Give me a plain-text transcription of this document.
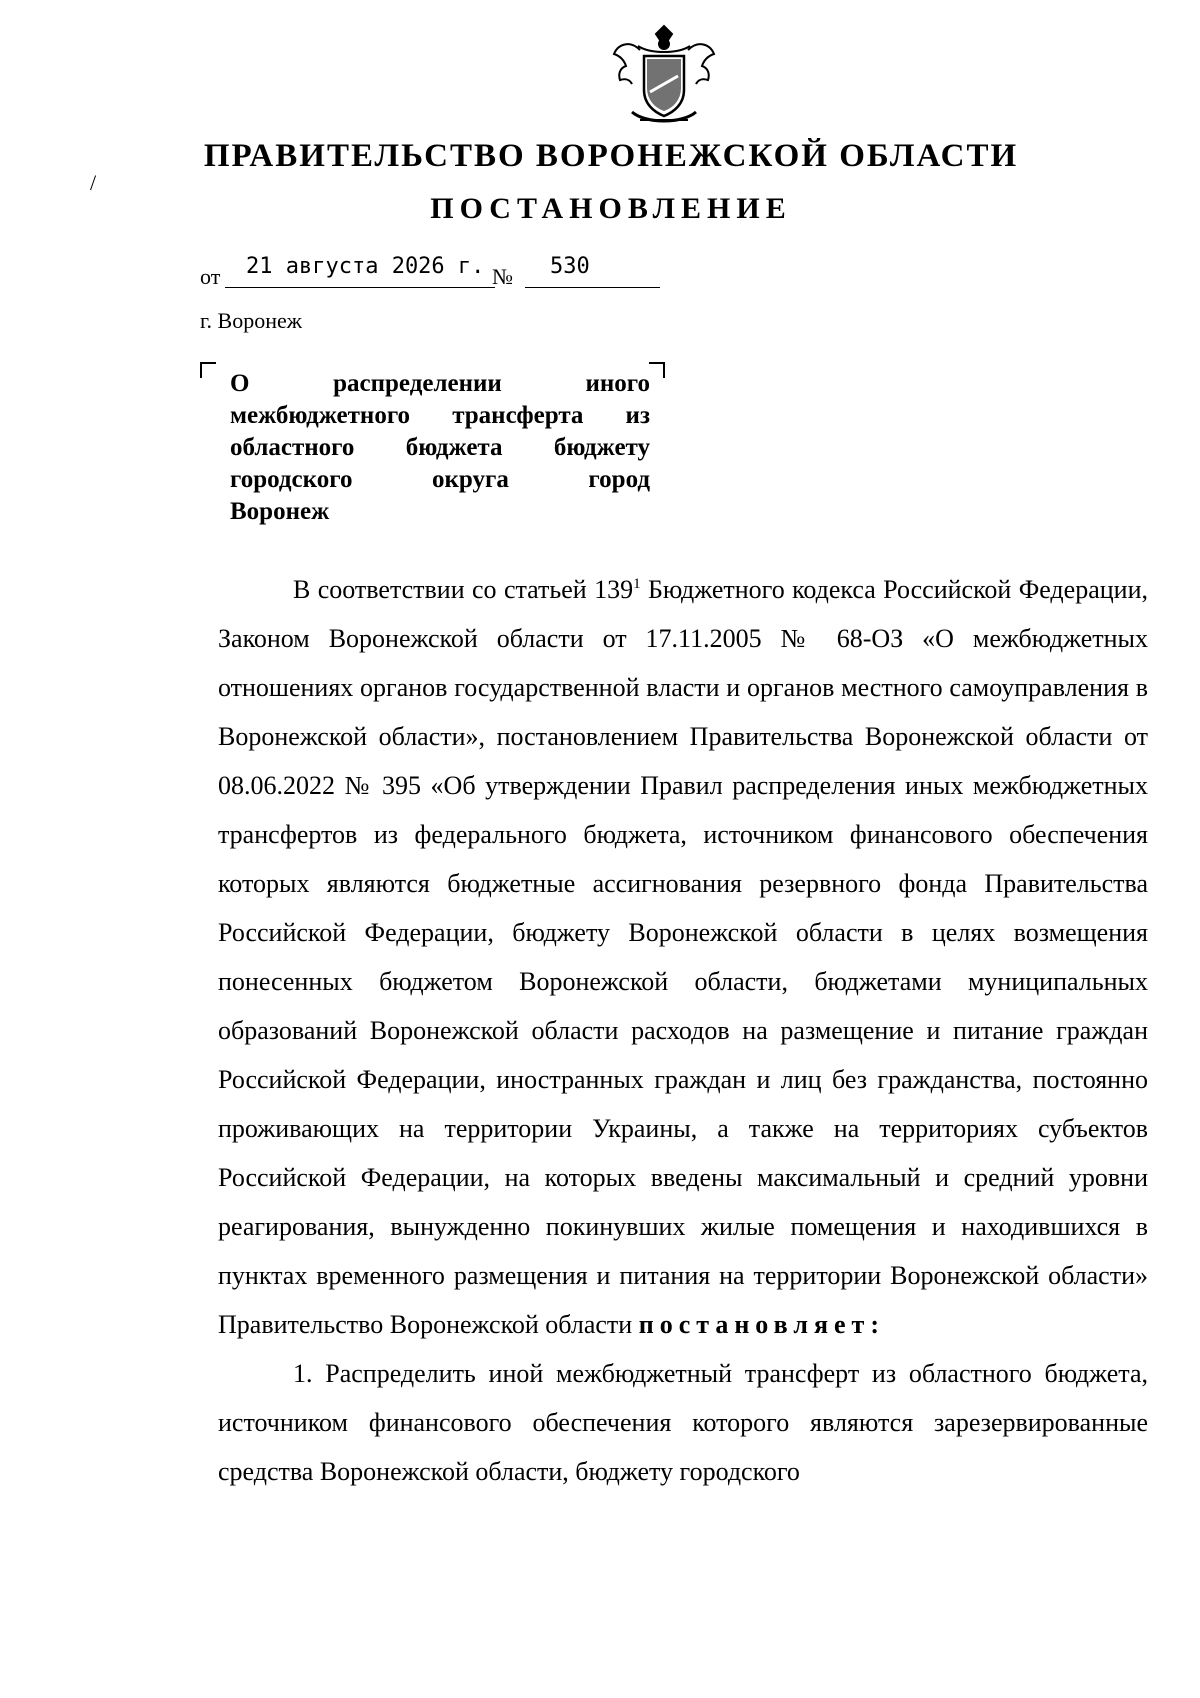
/
ПРАВИТЕЛЬСТВО ВОРОНЕЖСКОЙ ОБЛАСТИ
ПОСТАНОВЛЕНИЕ
от 21 августа 2026 г. № 530
г. Воронеж
О распределении иного
межбюджетного трансферта из
областного бюджета бюджету
городского округа город
Воронеж

В соответствии со статьей $139^1$ Бюджетного кодекса Российской Федерации, Законом Воронежской области от 17.11.2005 № 68-ОЗ «О межбюджетных отношениях органов государственной власти и органов местного самоуправления в Воронежской области», постановлением Правительства Воронежской области от 08.06.2022 № 395 «Об утверждении Правил распределения иных межбюджетных трансфертов из федерального бюджета, источником финансового обеспечения которых являются бюджетные ассигнования резервного фонда Правительства Российской Федерации, бюджету Воронежской области в целях возмещения понесенных бюджетом Воронежской области, бюджетами муниципальных образований Воронежской области расходов на размещение и питание граждан Российской Федерации, иностранных граждан и лиц без гражданства, постоянно проживающих на территории Украины, а также на территориях субъектов Российской Федерации, на которых введены максимальный и средний уровни реагирования, вынужденно покинувших жилые помещения и находившихся в пунктах временного размещения и питания на территории Воронежской области» Правительство Воронежской области постановляет:

1. Распределить иной межбюджетный трансферт из областного бюджета, источником финансового обеспечения которого являются зарезервированные средства Воронежской области, бюджету городского
